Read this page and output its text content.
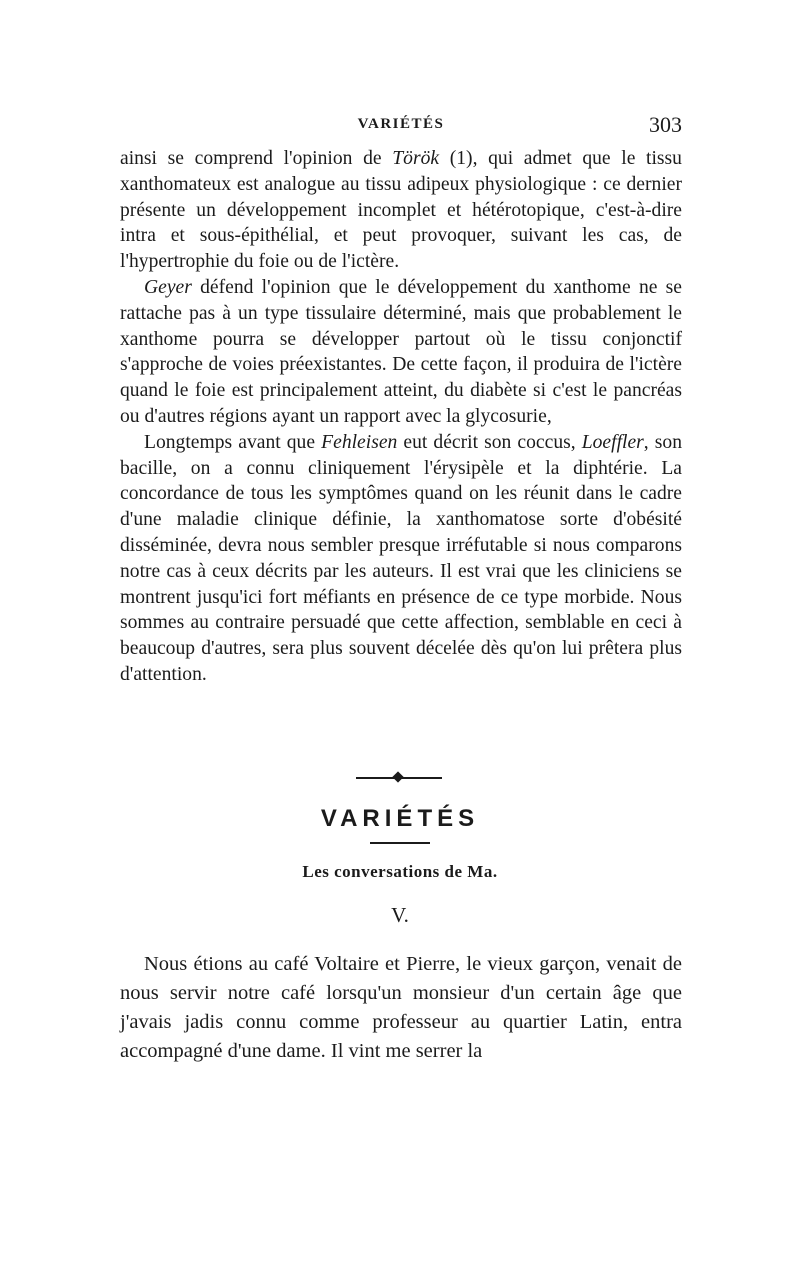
VARIÉTÉS	303

ainsi se comprend l'opinion de Török (1), qui admet que le tissu xanthomateux est analogue au tissu adipeux physiologique : ce dernier présente un développement incomplet et hétérotopique, c'est-à-dire intra et sous-épithélial, et peut provoquer, suivant les cas, de l'hypertrophie du foie ou de l'ictère.

Geyer défend l'opinion que le développement du xanthome ne se rattache pas à un type tissulaire déterminé, mais que probablement le xanthome pourra se développer partout où le tissu conjonctif s'approche de voies préexistantes. De cette façon, il produira de l'ictère quand le foie est principalement atteint, du diabète si c'est le pancréas ou d'autres régions ayant un rapport avec la glycosurie,

Longtemps avant que Fehleisen eut décrit son coccus, Loeffler, son bacille, on a connu cliniquement l'érysipèle et la diphtérie. La concordance de tous les symptômes quand on les réunit dans le cadre d'une maladie clinique définie, la xanthomatose sorte d'obésité disséminée, devra nous sembler presque irréfutable si nous comparons notre cas à ceux décrits par les auteurs. Il est vrai que les cliniciens se montrent jusqu'ici fort méfiants en présence de ce type morbide. Nous sommes au contraire persuadé que cette affection, semblable en ceci à beaucoup d'autres, sera plus souvent décelée dès qu'on lui prêtera plus d'attention.

VARIÉTÉS
Les conversations de Ma.
V.

Nous étions au café Voltaire et Pierre, le vieux garçon, venait de nous servir notre café lorsqu'un monsieur d'un certain âge que j'avais jadis connu comme professeur au quartier Latin, entra accompagné d'une dame. Il vint me serrer la
